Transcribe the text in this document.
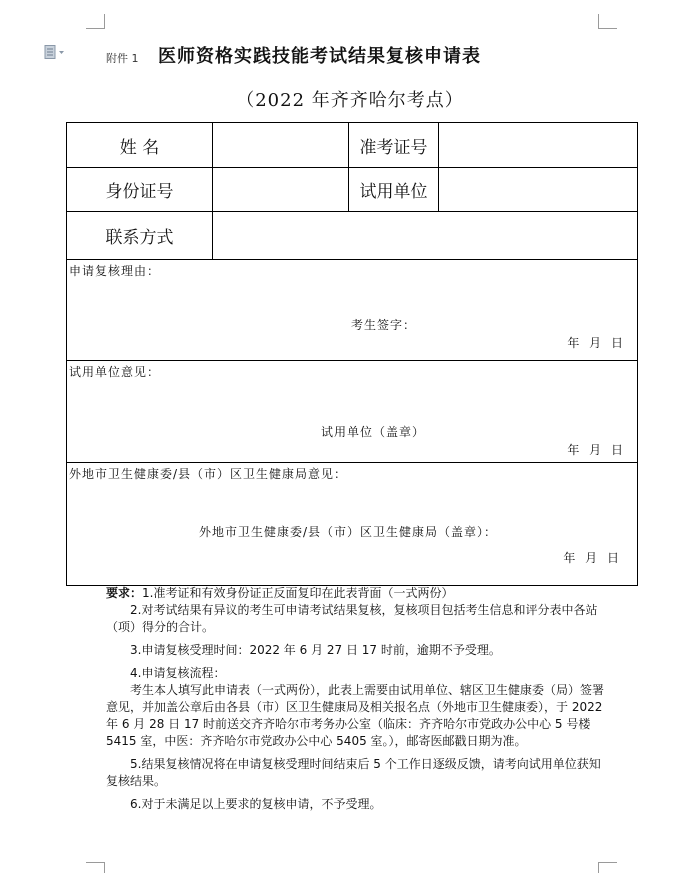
附件 1 医师资格实践技能考试结果复核申请表
（2022 年齐齐哈尔考点）
姓 名	准考证号
身份证号	试用单位
联系方式
申请复核理由：
考生签字：
年 月 日
试用单位意见：
试用单位（盖章）
年 月 日
外地市卫生健康委/县（市）区卫生健康局意见：
外地市卫生健康委/县（市）区卫生健康局（盖章）：
年 月 日

要求：1.准考证和有效身份证正反面复印在此表背面（一式两份）

2.对考试结果有异议的考生可申请考试结果复核，复核项目包括考生信息和评分表中各站（项）得分的合计。

3.申请复核受理时间：2022 年 6 月 27 日 17 时前，逾期不予受理。

4.申请复核流程：

考生本人填写此申请表（一式两份），此表上需要由试用单位、辖区卫生健康委（局）签署意见，并加盖公章后由各县（市）区卫生健康局及相关报名点（外地市卫生健康委），于 2022 年 6 月 28 日 17 时前送交齐齐哈尔市考务办公室（临床：齐齐哈尔市党政办公中心 5 号楼 5415 室，中医：齐齐哈尔市党政办公中心 5405 室。），邮寄医邮戳日期为准。

5.结果复核情况将在申请复核受理时间结束后 5 个工作日逐级反馈，请考向试用单位获知复核结果。

6.对于未满足以上要求的复核申请，不予受理。
